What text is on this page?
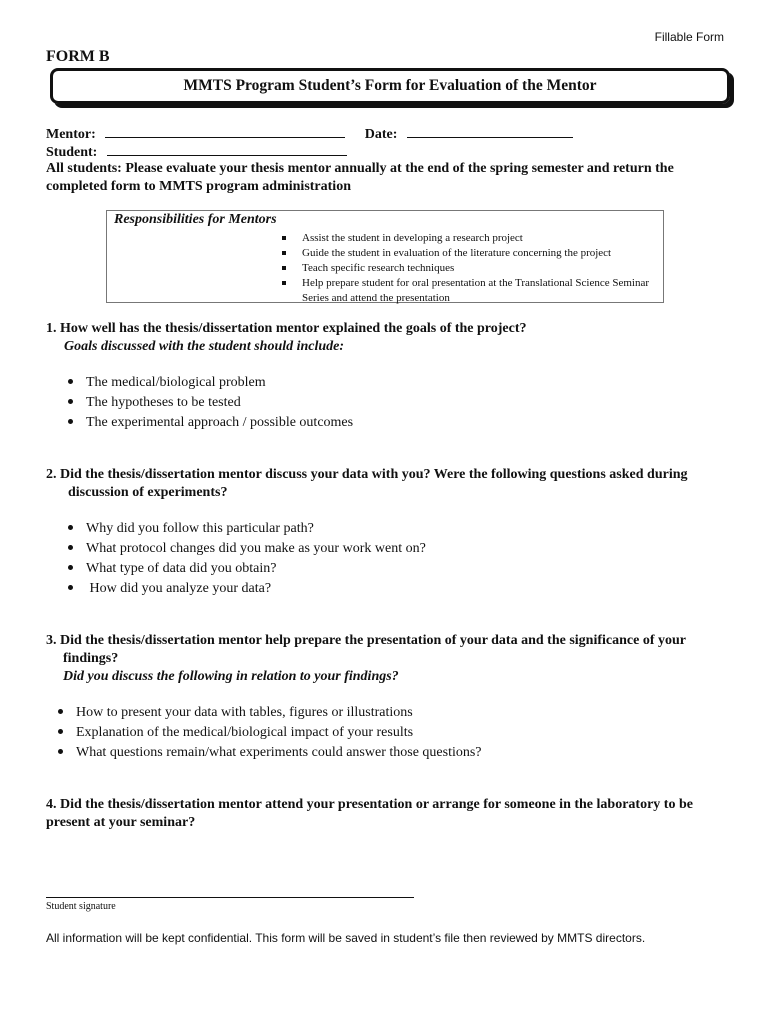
Fillable Form
FORM B
MMTS Program Student’s Form for Evaluation of the Mentor
Mentor:	Date:
Student:
All students: Please evaluate your thesis mentor annually at the end of the spring semester and return the completed form to MMTS program administration
Responsibilities for Mentors
Assist the student in developing a research project
Guide the student in evaluation of the literature concerning the project
Teach specific research techniques
Help prepare student for oral presentation at the Translational Science Seminar Series and attend the presentation
1. How well has the thesis/dissertation mentor explained the goals of the project?
Goals discussed with the student should include:
The medical/biological problem
The hypotheses to be tested
The experimental approach / possible outcomes
2. Did the thesis/dissertation mentor discuss your data with you? Were the following questions asked during discussion of experiments?
Why did you follow this particular path?
What protocol changes did you make as your work went on?
What type of data did you obtain?
How did you analyze your data?
3. Did the thesis/dissertation mentor help prepare the presentation of your data and the significance of your findings?
Did you discuss the following in relation to your findings?
How to present your data with tables, figures or illustrations
Explanation of the medical/biological impact of your results
What questions remain/what experiments could answer those questions?
4. Did the thesis/dissertation mentor attend your presentation or arrange for someone in the laboratory to be present at your seminar?
Student signature
All information will be kept confidential. This form will be saved in student’s file then reviewed by MMTS directors.
